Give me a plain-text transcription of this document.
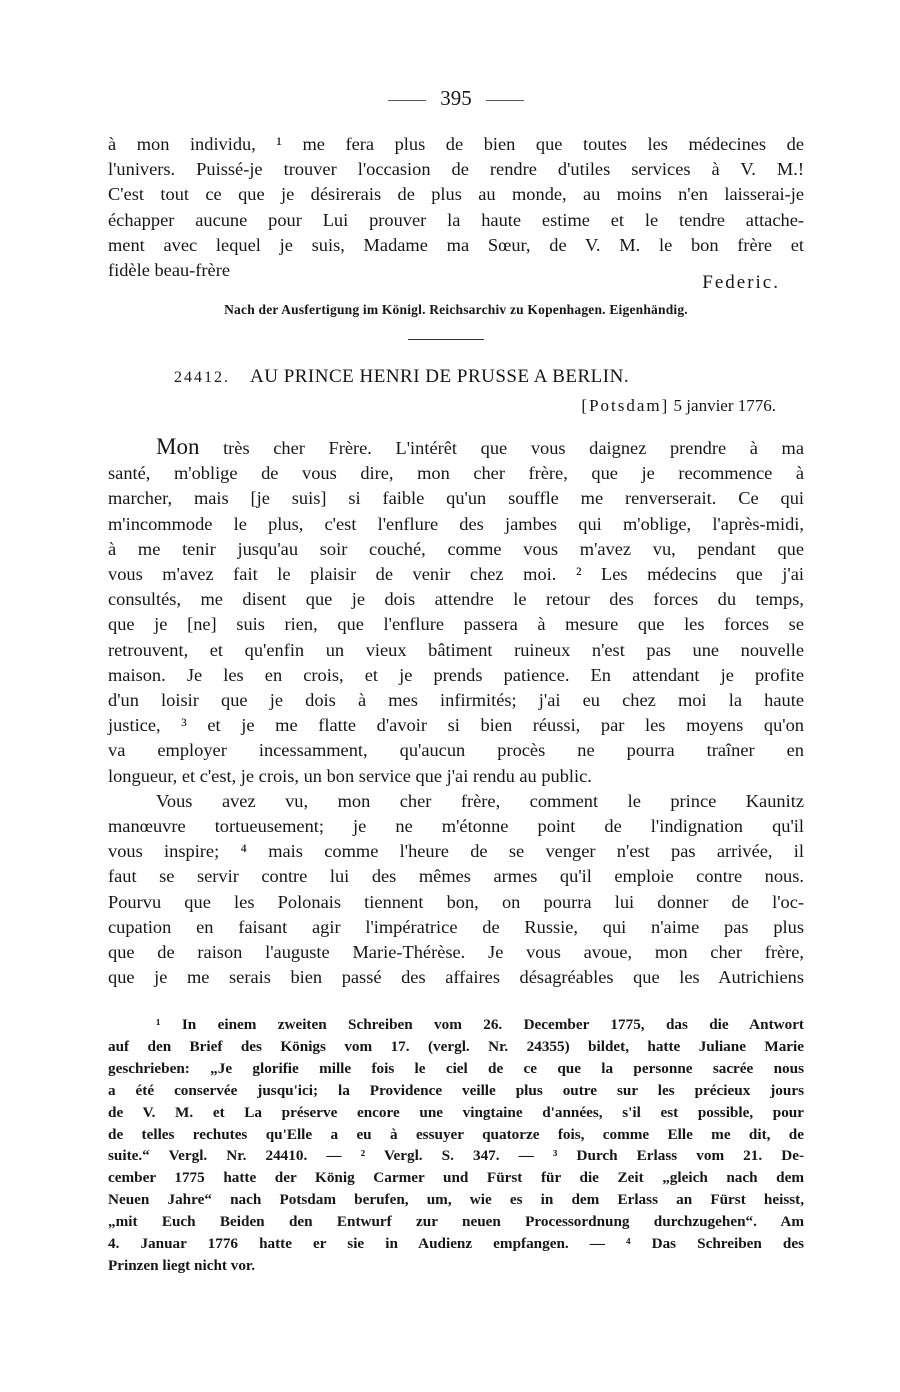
395
à mon individu, ¹ me fera plus de bien que toutes les médecines de
l'univers. Puissé-je trouver l'occasion de rendre d'utiles services à V. M.!
C'est tout ce que je désirerais de plus au monde, au moins n'en laisserai-je
échapper aucune pour Lui prouver la haute estime et le tendre attache-
ment avec lequel je suis, Madame ma Sœur, de V. M. le bon frère et
fidèle beau-frère
Federic.
Nach der Ausfertigung im Königl. Reichsarchiv zu Kopenhagen. Eigenhändig.
24412. AU PRINCE HENRI DE PRUSSE A BERLIN.
[Potsdam] 5 janvier 1776.
Mon très cher Frère. L'intérêt que vous daignez prendre à ma
santé, m'oblige de vous dire, mon cher frère, que je recommence à
marcher, mais [je suis] si faible qu'un souffle me renverserait. Ce qui
m'incommode le plus, c'est l'enflure des jambes qui m'oblige, l'après-midi,
à me tenir jusqu'au soir couché, comme vous m'avez vu, pendant que
vous m'avez fait le plaisir de venir chez moi. ² Les médecins que j'ai
consultés, me disent que je dois attendre le retour des forces du temps,
que je [ne] suis rien, que l'enflure passera à mesure que les forces se
retrouvent, et qu'enfin un vieux bâtiment ruineux n'est pas une nouvelle
maison. Je les en crois, et je prends patience. En attendant je profite
d'un loisir que je dois à mes infirmités; j'ai eu chez moi la haute
justice, ³ et je me flatte d'avoir si bien réussi, par les moyens qu'on
va employer incessamment, qu'aucun procès ne pourra traîner en
longueur, et c'est, je crois, un bon service que j'ai rendu au public.
Vous avez vu, mon cher frère, comment le prince Kaunitz
manœuvre tortueusement; je ne m'étonne point de l'indignation qu'il
vous inspire; ⁴ mais comme l'heure de se venger n'est pas arrivée, il
faut se servir contre lui des mêmes armes qu'il emploie contre nous.
Pourvu que les Polonais tiennent bon, on pourra lui donner de l'oc-
cupation en faisant agir l'impératrice de Russie, qui n'aime pas plus
que de raison l'auguste Marie-Thérèse. Je vous avoue, mon cher frère,
que je me serais bien passé des affaires désagréables que les Autrichiens
¹ In einem zweiten Schreiben vom 26. December 1775, das die Antwort
auf den Brief des Königs vom 17. (vergl. Nr. 24355) bildet, hatte Juliane Marie
geschrieben: „Je glorifie mille fois le ciel de ce que la personne sacrée nous
a été conservée jusqu'ici; la Providence veille plus outre sur les précieux jours
de V. M. et La préserve encore une vingtaine d'années, s'il est possible, pour
de telles rechutes qu'Elle a eu à essuyer quatorze fois, comme Elle me dit, de
suite.“ Vergl. Nr. 24410. — ² Vergl. S. 347. — ³ Durch Erlass vom 21. De-
cember 1775 hatte der König Carmer und Fürst für die Zeit „gleich nach dem
Neuen Jahre“ nach Potsdam berufen, um, wie es in dem Erlass an Fürst heisst,
„mit Euch Beiden den Entwurf zur neuen Processordnung durchzugehen“. Am
4. Januar 1776 hatte er sie in Audienz empfangen. — ⁴ Das Schreiben des
Prinzen liegt nicht vor.
